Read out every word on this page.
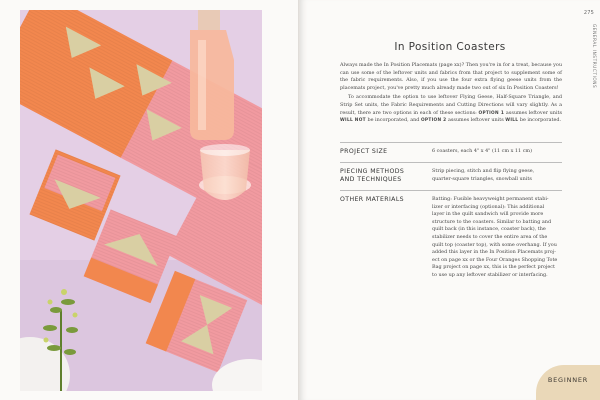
275
GENERAL INSTRUCTIONS
In Position Coasters

Always made the In Position Placemats (page xx)? Then you're in for a treat, because you can use some of the leftover units and fabrics from that project to supplement some of the fabric requirements. Also, if you use the four extra flying geese units from the placemats project, you've pretty much already made two out of six In Position Coasters!

To accommodate the option to use leftover Flying Geese, Half-Square Triangle, and Strip Set units, the Fabric Requirements and Cutting Directions will vary slightly. As a result, there are two options in each of these sections: OPTION 1 assumes leftover units WILL NOT be incorporated, and OPTION 2 assumes leftover units WILL be incorporated.

PROJECT SIZE	6 coasters, each 4" x 4" (11 cm x 11 cm)
PIECING METHODS
AND TECHNIQUES
Strip piecing, stitch and flip flying geese,
quarter-square triangles, snowball units
OTHER MATERIALS	Batting: Fusible heavyweight permanent stabi-
lizer or interfacing (optional): This additional
layer in the quilt sandwich will provide more
structure to the coasters. Similar to batting and
quilt back (in this instance, coaster back), the
stabilizer needs to cover the entire area of the
quilt top (coaster top), with some overhang. If you
added this layer in the In Position Placemats proj-
ect on page xx or the Four Oranges Shopping Tote
Bag project on page xx, this is the perfect project
to use up any leftover stabilizer or interfacing.
BEGINNER
